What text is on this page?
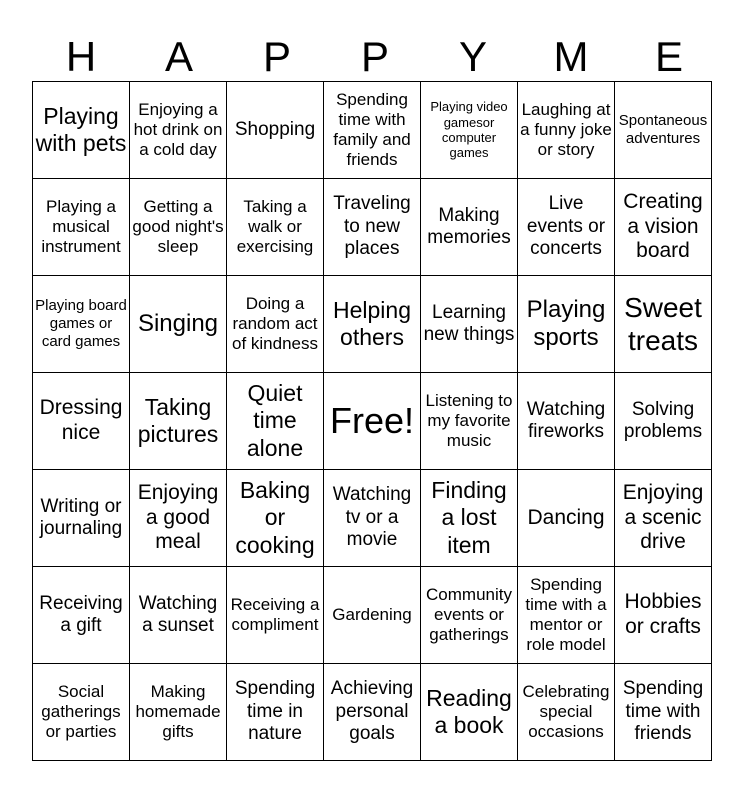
H	A	P	P	Y	M	E
Playing with pets	Enjoying a hot drink on a cold day	Shopping	Spending time with family and friends	Playing video gamesor computer games	Laughing at a funny joke or story	Spontaneous adventures
Playing a musical instrument	Getting a good night's sleep	Taking a walk or exercising	Traveling to new places	Making memories	Live events or concerts	Creating a vision board
Playing board games or card games	Singing	Doing a random act of kindness	Helping others	Learning new things	Playing sports	Sweet treats
Dressing nice	Taking pictures	Quiet time alone	Free!	Listening to my favorite music	Watching fireworks	Solving problems
Writing or journaling	Enjoying a good meal	Baking or cooking	Watching tv or a movie	Finding a lost item	Dancing	Enjoying a scenic drive
Receiving a gift	Watching a sunset	Receiving a compliment	Gardening	Community events or gatherings	Spending time with a mentor or role model	Hobbies or crafts
Social gatherings or parties	Making homemade gifts	Spending time in nature	Achieving personal goals	Reading a book	Celebrating special occasions	Spending time with friends
